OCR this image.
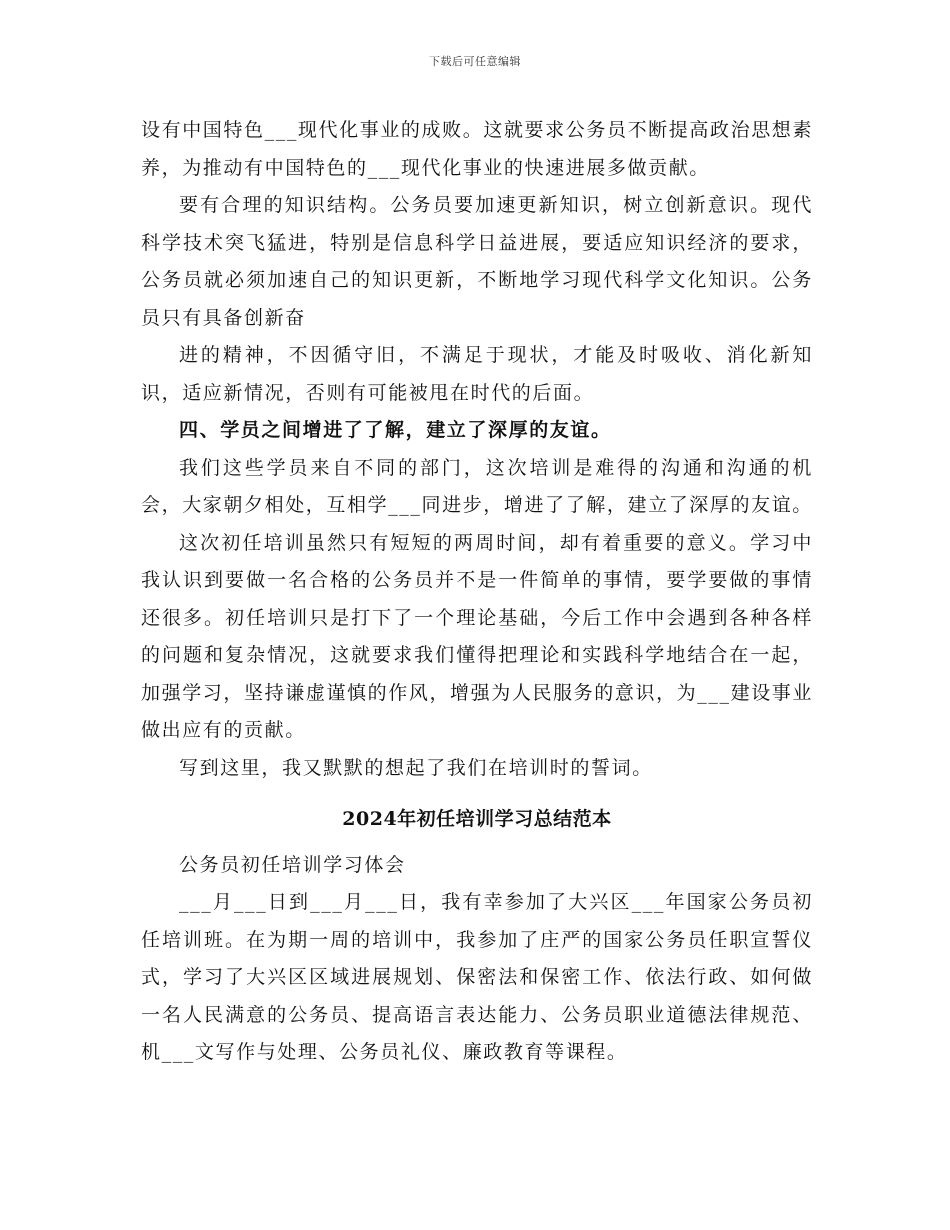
下载后可任意编辑

设有中国特色___现代化事业的成败。这就要求公务员不断提高政治思想素养，为推动有中国特色的___现代化事业的快速进展多做贡献。

要有合理的知识结构。公务员要加速更新知识，树立创新意识。现代科学技术突飞猛进，特别是信息科学日益进展，要适应知识经济的要求，公务员就必须加速自己的知识更新，不断地学习现代科学文化知识。公务员只有具备创新奋

进的精神，不因循守旧，不满足于现状，才能及时吸收、消化新知识，适应新情况，否则有可能被甩在时代的后面。

四、学员之间增进了了解，建立了深厚的友谊。

我们这些学员来自不同的部门，这次培训是难得的沟通和沟通的机会，大家朝夕相处，互相学___同进步，增进了了解，建立了深厚的友谊。

这次初任培训虽然只有短短的两周时间，却有着重要的意义。学习中我认识到要做一名合格的公务员并不是一件简单的事情，要学要做的事情还很多。初任培训只是打下了一个理论基础，今后工作中会遇到各种各样的问题和复杂情况，这就要求我们懂得把理论和实践科学地结合在一起，加强学习，坚持谦虚谨慎的作风，增强为人民服务的意识，为___建设事业做出应有的贡献。

写到这里，我又默默的想起了我们在培训时的誓词。

2024年初任培训学习总结范本

公务员初任培训学习体会

___月___日到___月___日，我有幸参加了大兴区___年国家公务员初任培训班。在为期一周的培训中，我参加了庄严的国家公务员任职宣誓仪式，学习了大兴区区域进展规划、保密法和保密工作、依法行政、如何做一名人民满意的公务员、提高语言表达能力、公务员职业道德法律规范、机___文写作与处理、公务员礼仪、廉政教育等课程。
